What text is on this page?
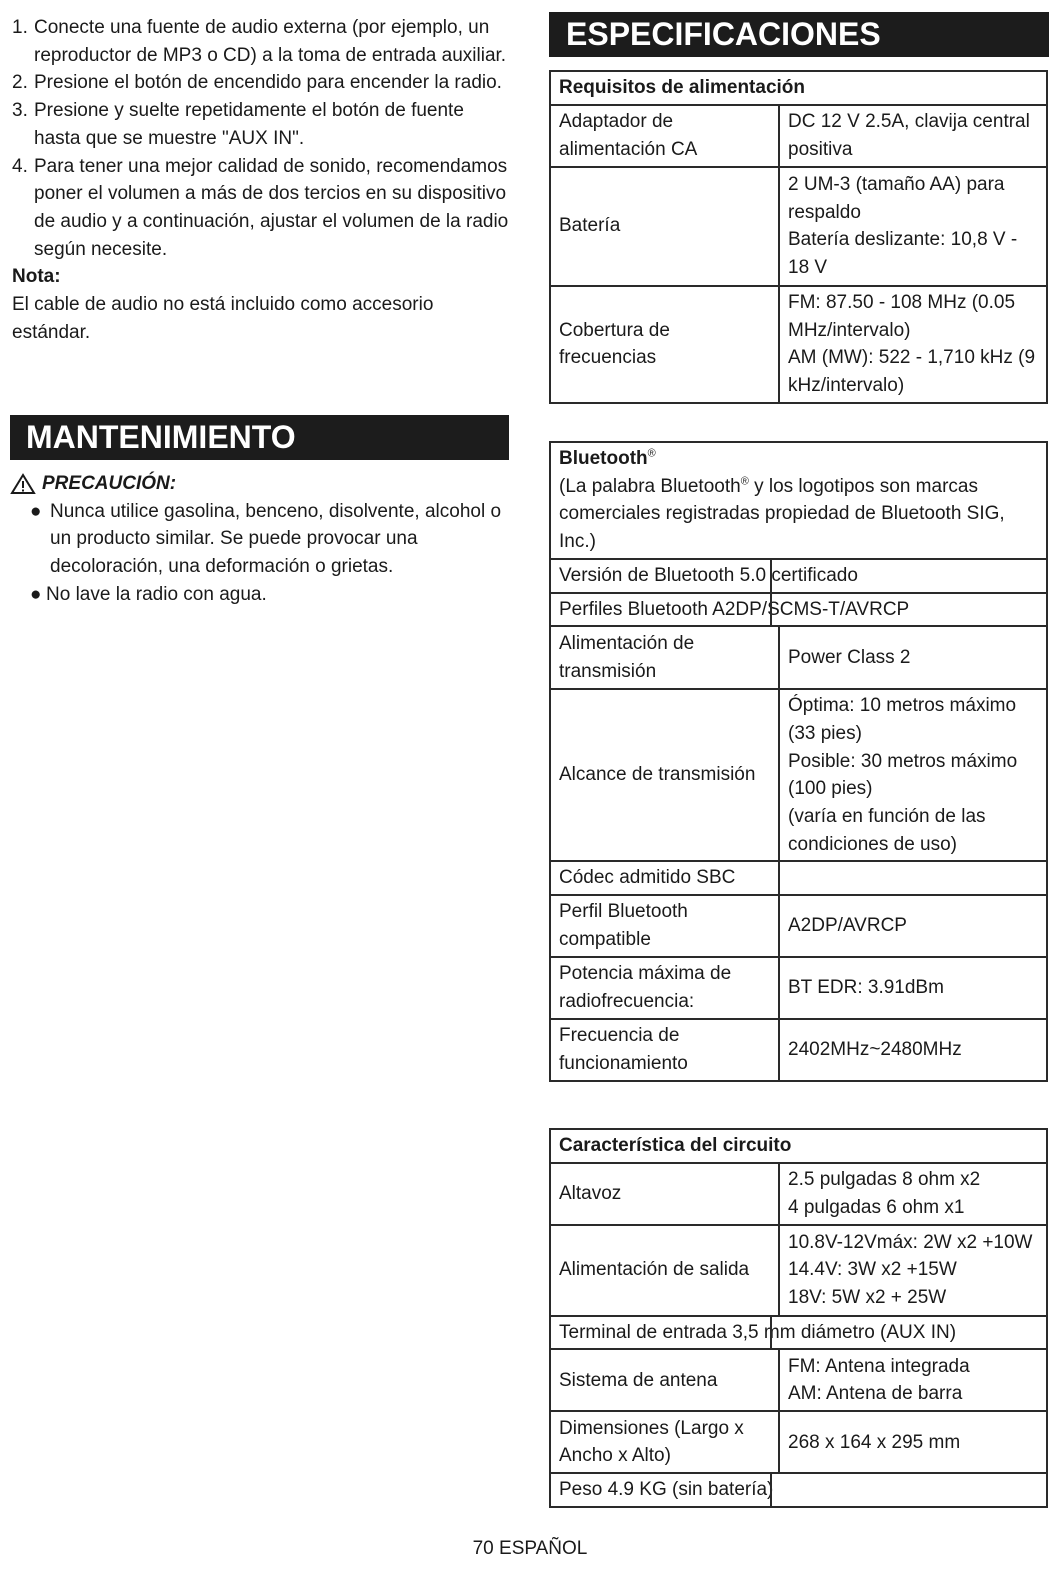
1. Conecte una fuente de audio externa (por ejemplo, un reproductor de MP3 o CD) a la toma de entrada auxiliar.
2. Presione el botón de encendido para encender la radio.
3. Presione y suelte repetidamente el botón de fuente hasta que se muestre "AUX IN".
4. Para tener una mejor calidad de sonido, recomendamos poner el volumen a más de dos tercios en su dispositivo de audio y a continuación, ajustar el volumen de la radio según necesite.
Nota:
El cable de audio no está incluido como accesorio estándar.
MANTENIMIENTO
PRECAUCIÓN:
● Nunca utilice gasolina, benceno, disolvente, alcohol o un producto similar. Se puede provocar una decoloración, una deformación o grietas.
● No lave la radio con agua.
ESPECIFICACIONES
Requisitos de alimentación	
Adaptador de alimentación CA	DC 12 V 2.5A, clavija central positiva
Batería	2 UM-3 (tamaño AA) para respaldo
Batería deslizante: 10,8 V - 18 V
Cobertura de frecuencias	FM: 87.50 - 108 MHz (0.05 MHz/intervalo)
AM (MW): 522 - 1,710 kHz (9 kHz/intervalo)
Bluetooth®
(La palabra Bluetooth® y los logotipos son marcas comerciales registradas propiedad de Bluetooth SIG, Inc.)	

Versión de Bluetooth 5.0 certificado	

Perfiles Bluetooth A2DP/SCMS-T/AVRCP	
Alimentación de transmisión	Power Class 2
Alcance de transmisión	Óptima: 10 metros máximo (33 pies)
Posible: 30 metros máximo (100 pies)
(varía en función de las condiciones de uso)
Códec admitido SBC	
Perfil Bluetooth compatible	A2DP/AVRCP
Potencia máxima de radiofrecuencia:	BT EDR: 3.91dBm
Frecuencia de funcionamiento	2402MHz~2480MHz
Característica del circuito	
Altavoz	2.5 pulgadas 8 ohm x2
4 pulgadas 6 ohm x1
Alimentación de salida	10.8V-12Vmáx: 2W x2 +10W
14.4V: 3W x2 +15W
18V: 5W x2 + 25W

Terminal de entrada 3,5 mm diámetro (AUX IN)	
Sistema de antena	FM: Antena integrada
AM: Antena de barra
Dimensiones (Largo x Ancho x Alto)	268 x 164 x 295 mm

Peso 4.9 KG (sin batería)	
70 ESPAÑOL
